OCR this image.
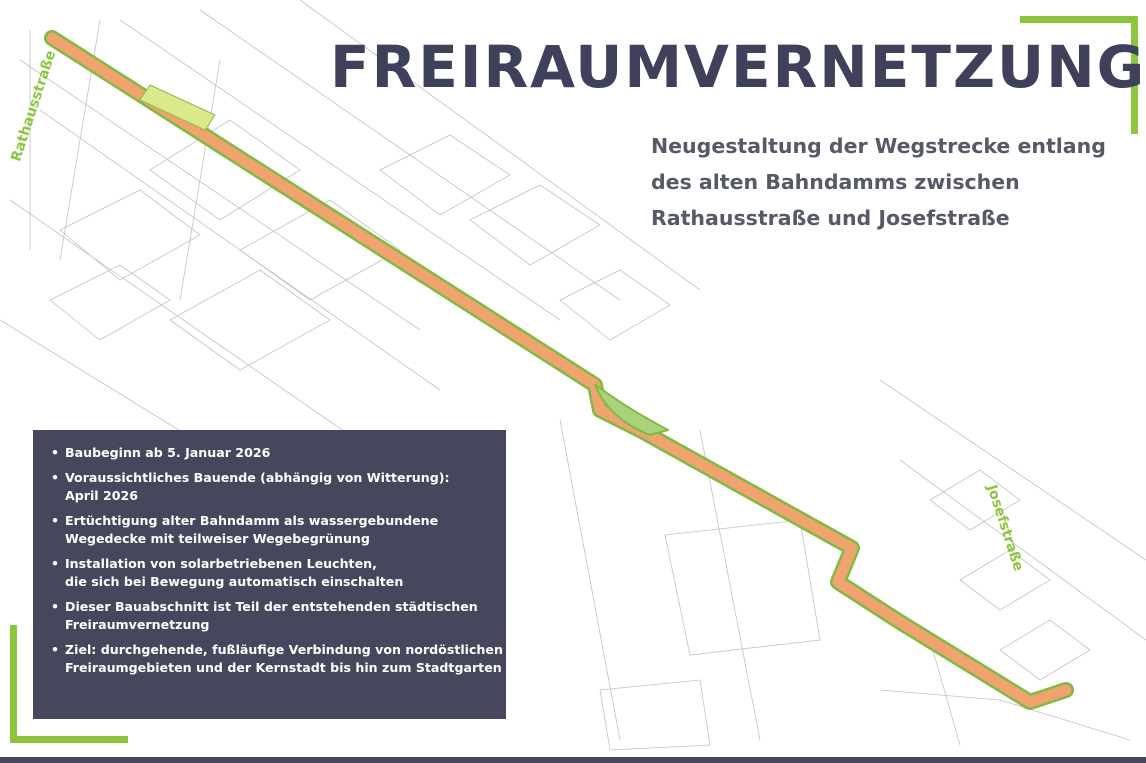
FREIRAUMVERNETZUNG
Neugestaltung der Wegstrecke entlang
des alten Bahndamms zwischen
Rathausstraße und Josefstraße
Rathausstraße
Josefstraße
• Baubeginn ab 5. Januar 2026
• Voraussichtliches Bauende (abhängig von Witterung):
April 2026
• Ertüchtigung alter Bahndamm als wassergebundene
Wegedecke mit teilweiser Wegebegrünung
• Installation von solarbetriebenen Leuchten,
die sich bei Bewegung automatisch einschalten
• Dieser Bauabschnitt ist Teil der entstehenden städtischen
Freiraumvernetzung
• Ziel: durchgehende, fußläufige Verbindung von nordöstlichen
Freiraumgebieten und der Kernstadt bis hin zum Stadtgarten
